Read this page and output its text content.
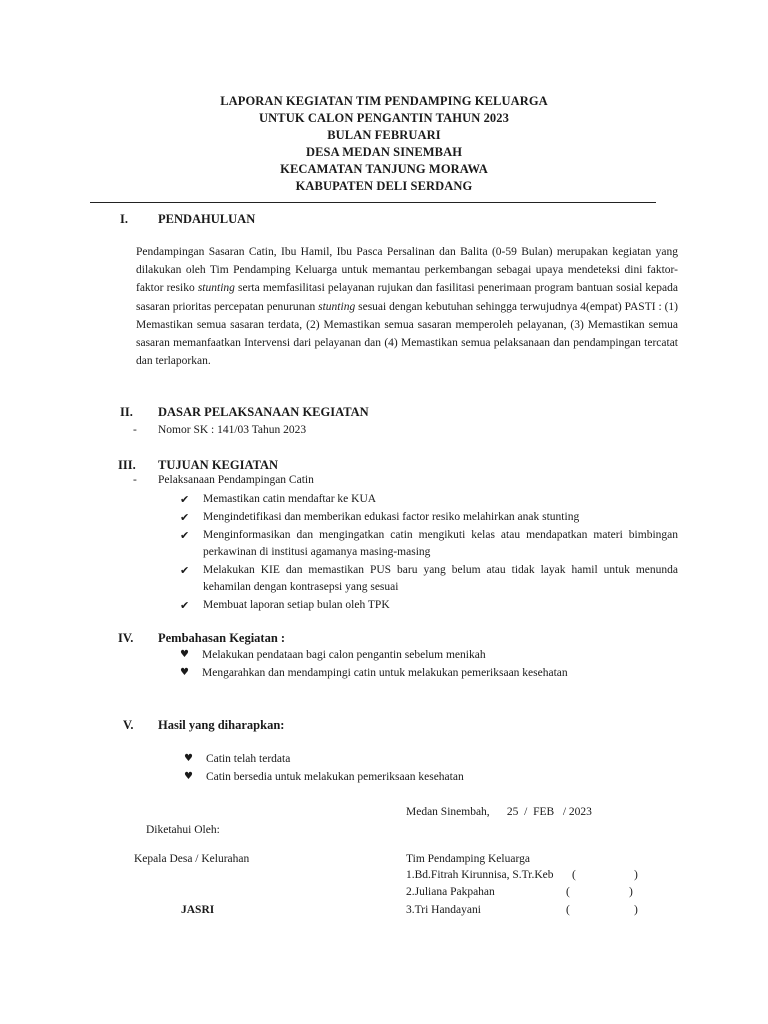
LAPORAN KEGIATAN TIM PENDAMPING KELUARGA
UNTUK CALON PENGANTIN TAHUN 2023
BULAN FEBRUARI
DESA MEDAN SINEMBAH
KECAMATAN TANJUNG MORAWA
KABUPATEN DELI SERDANG
I. PENDAHULUAN
Pendampingan Sasaran Catin, Ibu Hamil, Ibu Pasca Persalinan dan Balita (0-59 Bulan) merupakan kegiatan yang dilakukan oleh Tim Pendamping Keluarga untuk memantau perkembangan sebagai upaya mendeteksi dini faktor-faktor resiko stunting serta memfasilitasi pelayanan rujukan dan fasilitasi penerimaan program bantuan sosial kepada sasaran prioritas percepatan penurunan stunting sesuai dengan kebutuhan sehingga terwujudnya 4(empat) PASTI : (1) Memastikan semua sasaran terdata, (2) Memastikan semua sasaran memperoleh pelayanan, (3) Memastikan semua sasaran memanfaatkan Intervensi dari pelayanan dan (4) Memastikan semua pelaksanaan dan pendampingan tercatat dan terlaporkan.
II. DASAR PELAKSANAAN KEGIATAN
- Nomor SK : 141/03 Tahun 2023
III. TUJUAN KEGIATAN
- Pelaksanaan Pendampingan Catin
✔ Memastikan catin mendaftar ke KUA
✔ Mengindetifikasi dan memberikan edukasi factor resiko melahirkan anak stunting
✔ Menginformasikan dan mengingatkan catin mengikuti kelas atau mendapatkan materi bimbingan perkawinan di institusi agamanya masing-masing
✔ Melakukan KIE dan memastikan PUS baru yang belum atau tidak layak hamil untuk menunda kehamilan dengan kontrasepsi yang sesuai
✔ Membuat laporan setiap bulan oleh TPK
IV. Pembahasan Kegiatan :
♥ Melakukan pendataan bagi calon pengantin sebelum menikah
♥ Mengarahkan dan mendampingi catin untuk melakukan pemeriksaan kesehatan
V. Hasil yang diharapkan:
♥ Catin telah terdata
♥ Catin bersedia untuk melakukan pemeriksaan kesehatan
Medan Sinembah,      25  /  FEB   / 2023
Diketahui Oleh:
Kepala Desa / Kelurahan	Tim Pendamping Keluarga
1.Bd.Fitrah Kirunnisa, S.Tr.Keb (	)
2.Juliana Pakpahan	(	)
JASRI	3.Tri Handayani	(	)
